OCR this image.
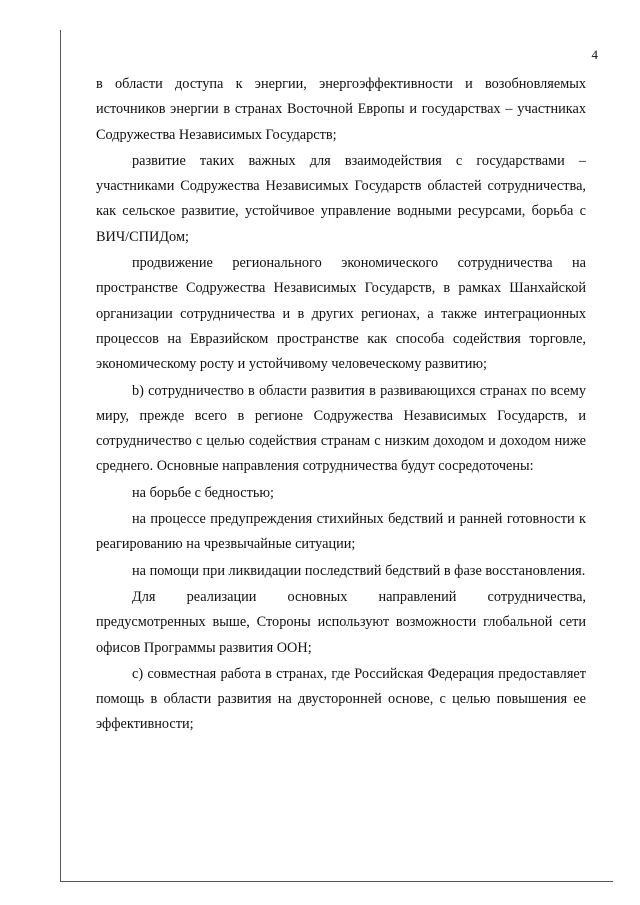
4

в области доступа к энергии, энергоэффективности и возобновляемых источников энергии в странах Восточной Европы и государствах – участниках Содружества Независимых Государств;

развитие таких важных для взаимодействия с государствами – участниками Содружества Независимых Государств областей сотрудничества, как сельское развитие, устойчивое управление водными ресурсами, борьба с ВИЧ/СПИДом;

продвижение регионального экономического сотрудничества на пространстве Содружества Независимых Государств, в рамках Шанхайской организации сотрудничества и в других регионах, а также интеграционных процессов на Евразийском пространстве как способа содействия торговле, экономическому росту и устойчивому человеческому развитию;

b) сотрудничество в области развития в развивающихся странах по всему миру, прежде всего в регионе Содружества Независимых Государств, и сотрудничество с целью содействия странам с низким доходом и доходом ниже среднего. Основные направления сотрудничества будут сосредоточены:

на борьбе с бедностью;

на процессе предупреждения стихийных бедствий и ранней готовности к реагированию на чрезвычайные ситуации;

на помощи при ликвидации последствий бедствий в фазе восстановления.

Для реализации основных направлений сотрудничества, предусмотренных выше, Стороны используют возможности глобальной сети офисов Программы развития ООН;

c) совместная работа в странах, где Российская Федерация предоставляет помощь в области развития на двусторонней основе, с целью повышения ее эффективности;
